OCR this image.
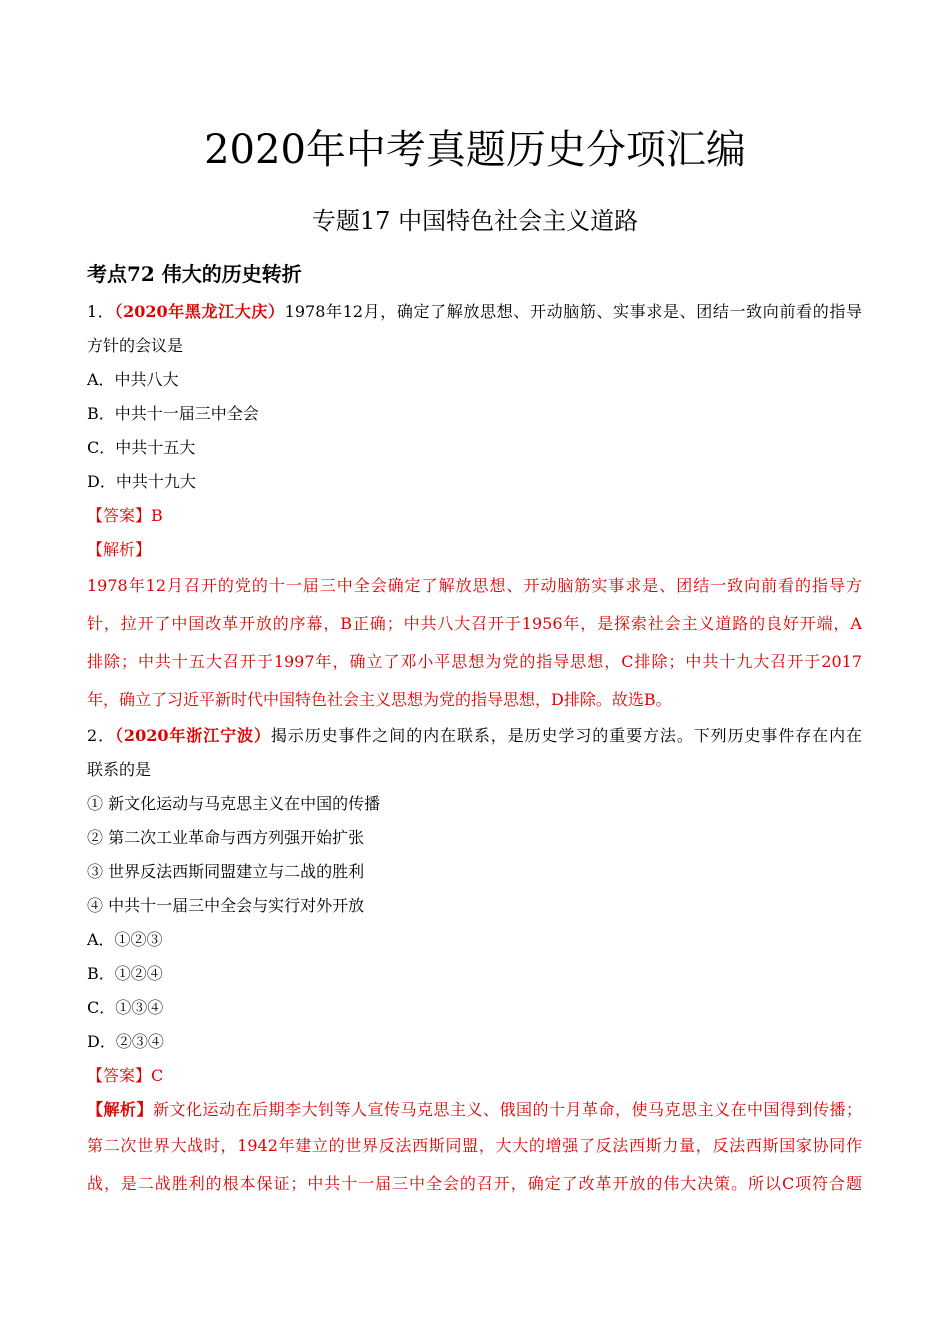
2020年中考真题历史分项汇编
专题17 中国特色社会主义道路
考点72 伟大的历史转折
1．（2020年黑龙江大庆）1978年12月，确定了解放思想、开动脑筋、实事求是、团结一致向前看的指导
方针的会议是
A．中共八大
B．中共十一届三中全会
C．中共十五大
D．中共十九大
【答案】B
【解析】
1978年12月召开的党的十一届三中全会确定了解放思想、开动脑筋实事求是、团结一致向前看的指导方
针，拉开了中国改革开放的序幕，B正确；中共八大召开于1956年，是探索社会主义道路的良好开端，A
排除；中共十五大召开于1997年，确立了邓小平思想为党的指导思想，C排除；中共十九大召开于2017
年，确立了习近平新时代中国特色社会主义思想为党的指导思想，D排除。故选B。
2．（2020年浙江宁波）揭示历史事件之间的内在联系，是历史学习的重要方法。下列历史事件存在内在
联系的是
① 新文化运动与马克思主义在中国的传播
② 第二次工业革命与西方列强开始扩张
③ 世界反法西斯同盟建立与二战的胜利
④ 中共十一届三中全会与实行对外开放
A．①②③
B．①②④
C．①③④
D．②③④
【答案】C
【解析】新文化运动在后期李大钊等人宣传马克思主义、俄国的十月革命，使马克思主义在中国得到传播；
第二次世界大战时，1942年建立的世界反法西斯同盟，大大的增强了反法西斯力量，反法西斯国家协同作
战，是二战胜利的根本保证；中共十一届三中全会的召开，确定了改革开放的伟大决策。所以C项符合题
